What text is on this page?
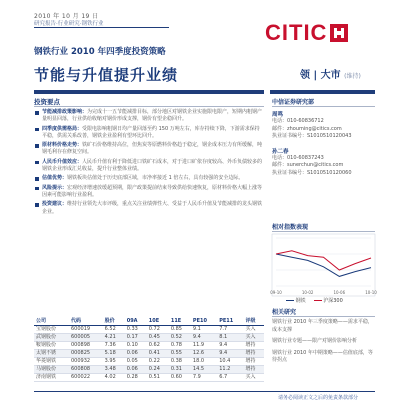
2010 年 10 月 19 日
研究报告·行业研究·钢铁行业	CITIC
钢铁行业 2010 年四季度投资策略
节能与升值提升业绩	领 | 大市 (维持)
投资要点
节能减排政策影响：为完成十一五节能减排目标，部分地区对钢铁企业实施限电限产，短期内粗钢产量明显回落，行业供给收缩对钢价形成支撑，钢价有望企稳回升。
四季度供需格局：受限电影响粗钢日均产量回落至约 150 万吨左右，库存持续下降，下游需求保持平稳，供需关系改善，钢铁企业盈利有望环比回升。
原材料价格走势：铁矿石价格维持高位，但焦炭等原燃料价格趋于稳定，钢企成本压力有所缓解，吨钢毛利存在修复空间。
人民币升值效应：人民币升值有利于降低进口铁矿石成本，对于进口矿依存度较高、外币负债较多的钢铁企业形成汇兑收益，提升行业整体业绩。
估值优势：钢铁板块估值处于历史底部区域，市净率接近 1 倍左右，具有较强的安全边际。
风险提示：宏观经济增速放缓超预期，限产政策提前结束导致供给快速恢复，原材料价格大幅上涨等因素可能影响行业盈利。
投资建议：维持行业领先大市评级，重点关注业绩弹性大、受益于人民币升值及节能减排的龙头钢铁企业。
公司	代码	股价	09A	10E	11E	PE10	PE11	评级
宝钢股份	600019	6.52	0.33	0.72	0.85	9.1	7.7	买入
武钢股份	600005	4.21	0.17	0.45	0.52	9.4	8.1	买入
鞍钢股份	000898	7.36	0.10	0.62	0.78	11.9	9.4	增持
太钢不锈	000825	5.18	0.06	0.41	0.55	12.6	9.4	增持
华菱钢铁	000932	3.95	0.05	0.22	0.38	18.0	10.4	增持
马钢股份	600808	3.48	0.06	0.24	0.31	14.5	11.2	增持
济南钢铁	600022	4.02	0.28	0.51	0.60	7.9	6.7	买入
中信证券研究部
周鸣
电话：010-60836712
邮件：zhouming@citics.com
执业证书编号：S1010510120043
孙二春
电话：010-60837243
邮件：sunerchun@citics.com
执业证书编号：S1010510120060
相对指数表现
09-10	10-02	10-06	10-10
钢铁	沪深300
相关研究
钢铁行业 2010 年三季度策略——需求平稳，成本支撑
钢铁行业专题——限产对钢价影响分析
钢铁行业 2010 年中期策略——估值底部，等待拐点
请务必阅读正文之后的免责条款部分
